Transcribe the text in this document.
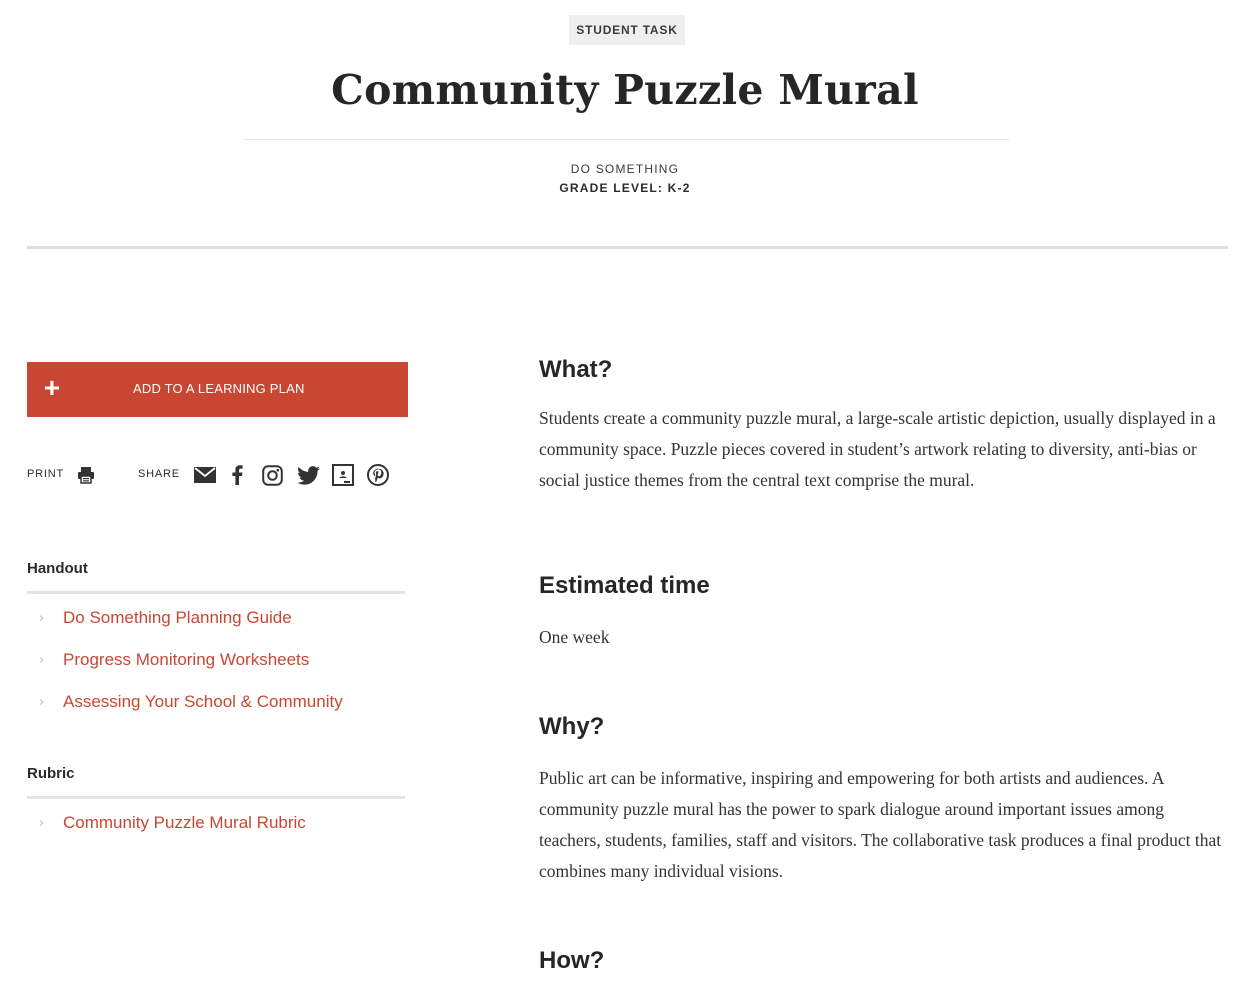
STUDENT TASK
Community Puzzle Mural
DO SOMETHING
GRADE LEVEL: K-2
+	ADD TO A LEARNING PLAN
PRINT	SHARE
Handout
› Do Something Planning Guide
› Progress Monitoring Worksheets
› Assessing Your School & Community
Rubric
› Community Puzzle Mural Rubric
What?

Students create a community puzzle mural, a large-scale artistic depiction, usually displayed in a community space. Puzzle pieces covered in student’s artwork relating to diversity, anti-bias or social justice themes from the central text comprise the mural.

Estimated time

One week

Why?

Public art can be informative, inspiring and empowering for both artists and audiences. A community puzzle mural has the power to spark dialogue around important issues among teachers, students, families, staff and visitors. The collaborative task produces a final product that combines many individual visions.

How?
